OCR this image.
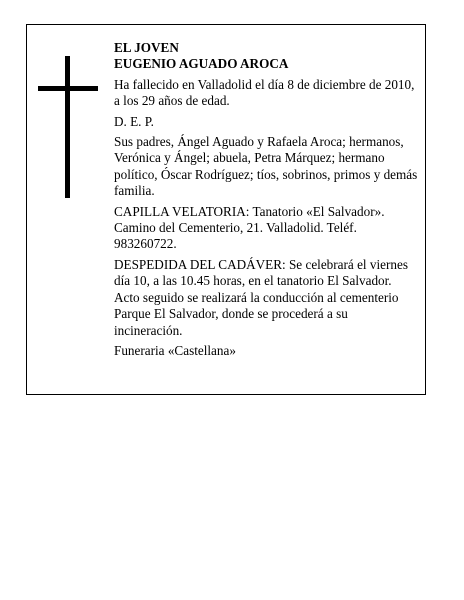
EL JOVEN

EUGENIO AGUADO AROCA

Ha fallecido en Valladolid el día 8 de diciembre de 2010, a los 29 años de edad.

D. E. P.

Sus padres, Ángel Aguado y Rafaela Aroca; hermanos, Verónica y Ángel; abuela, Petra Márquez; hermano político, Óscar Rodríguez; tíos, sobrinos, primos y demás familia.

CAPILLA VELATORIA: Tanatorio «El Salvador». Camino del Cementerio, 21. Valladolid. Teléf. 983260722.

DESPEDIDA DEL CADÁVER: Se celebrará el viernes día 10, a las 10.45 horas, en el tanatorio El Salvador. Acto seguido se realizará la conducción al cementerio Parque El Salvador, donde se procederá a su incineración.

Funeraria «Castellana»
